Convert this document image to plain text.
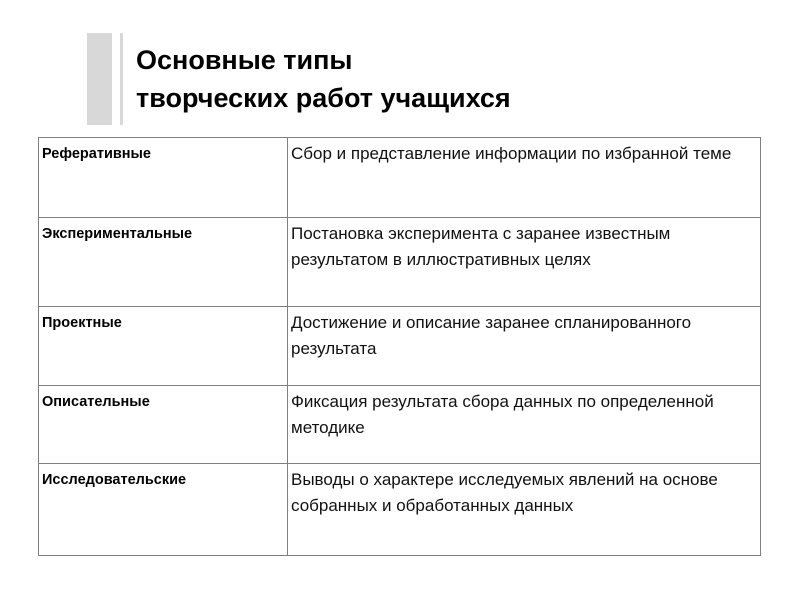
Основные типы
творческих работ учащихся
Реферативные	Сбор и представление информации по избранной теме
Экспериментальные	Постановка эксперимента с заранее известным результатом в иллюстративных целях
Проектные	Достижение и описание заранее спланированного результата
Описательные	Фиксация результата сбора данных по определенной методике
Исследовательские	Выводы о характере исследуемых явлений на основе собранных и обработанных данных
